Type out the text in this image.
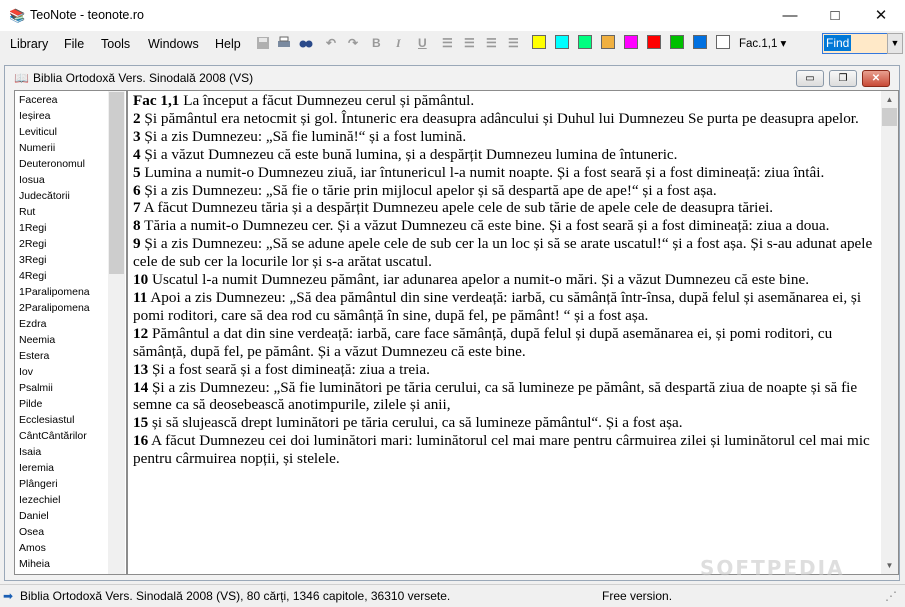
📚 TeoNote - teonote.ro	—	□	✕
Library File Tools Windows Help	↶ ↷ B I U ☰ ☰ ☰ ☰	Fac.1,1 ▾	Find	▼
📖 Biblia Ortodoxă Vers. Sinodală 2008 (VS)	▭	❐	✕
Facerea
Ieșirea
Leviticul
Numerii
Deuteronomul
Iosua
Judecătorii
Rut
1Regi
2Regi
3Regi
4Regi
1Paralipomena
2Paralipomena
Ezdra
Neemia
Estera
Iov
Psalmii
Pilde
Ecclesiastul
CântCântărilor
Isaia
Ieremia
Plângeri
Iezechiel
Daniel
Osea
Amos
Miheia

Fac 1,1 La început a făcut Dumnezeu cerul și pământul.

2 Și pământul era netocmit și gol. Întuneric era deasupra adâncului și Duhul lui Dumnezeu Se purta pe deasupra apelor.

3 Și a zis Dumnezeu: „Să fie lumină!“ și a fost lumină.

4 Și a văzut Dumnezeu că este bună lumina, și a despărțit Dumnezeu lumina de întuneric.

5 Lumina a numit-o Dumnezeu ziuă, iar întunericul l-a numit noapte. Și a fost seară și a fost dimineață: ziua întâi.

6 Și a zis Dumnezeu: „Să fie o tărie prin mijlocul apelor și să despartă ape de ape!“ și a fost așa.

7 A făcut Dumnezeu tăria și a despărțit Dumnezeu apele cele de sub tărie de apele cele de deasupra tăriei.

8 Tăria a numit-o Dumnezeu cer. Și a văzut Dumnezeu că este bine. Și a fost seară și a fost dimineață: ziua a doua.

9 Și a zis Dumnezeu: „Să se adune apele cele de sub cer la un loc și să se arate uscatul!“ și a fost așa. Și s-au adunat apele cele de sub cer la locurile lor și s-a arătat uscatul.

10 Uscatul l-a numit Dumnezeu pământ, iar adunarea apelor a numit-o mări. Și a văzut Dumnezeu că este bine.

11 Apoi a zis Dumnezeu: „Să dea pământul din sine verdeață: iarbă, cu sămânță într-însa, după felul și asemănarea ei, și pomi roditori, care să dea rod cu sămânță în sine, după fel, pe pământ! “ și a fost așa.

12 Pământul a dat din sine verdeață: iarbă, care face sămânță, după felul și după asemănarea ei, și pomi roditori, cu sămânță, după fel, pe pământ. Și a văzut Dumnezeu că este bine.

13 Și a fost seară și a fost dimineață: ziua a treia.

14 Și a zis Dumnezeu: „Să fie luminători pe tăria cerului, ca să lumineze pe pământ, să despartă ziua de noapte și să fie semne ca să deosebească anotimpurile, zilele și anii,

15 și să slujească drept luminători pe tăria cerului, ca să lumineze pământul“. Și a fost așa.

16 A făcut Dumnezeu cei doi luminători mari: luminătorul cel mai mare pentru cârmuirea zilei și luminătorul cel mai mic pentru cârmuirea nopții, și stelele.

▲
▼
SOFTPEDIA
➡ Biblia Ortodoxă Vers. Sinodală 2008 (VS), 80 cărți, 1346 capitole, 36310 versete.	Free version.	⋰
